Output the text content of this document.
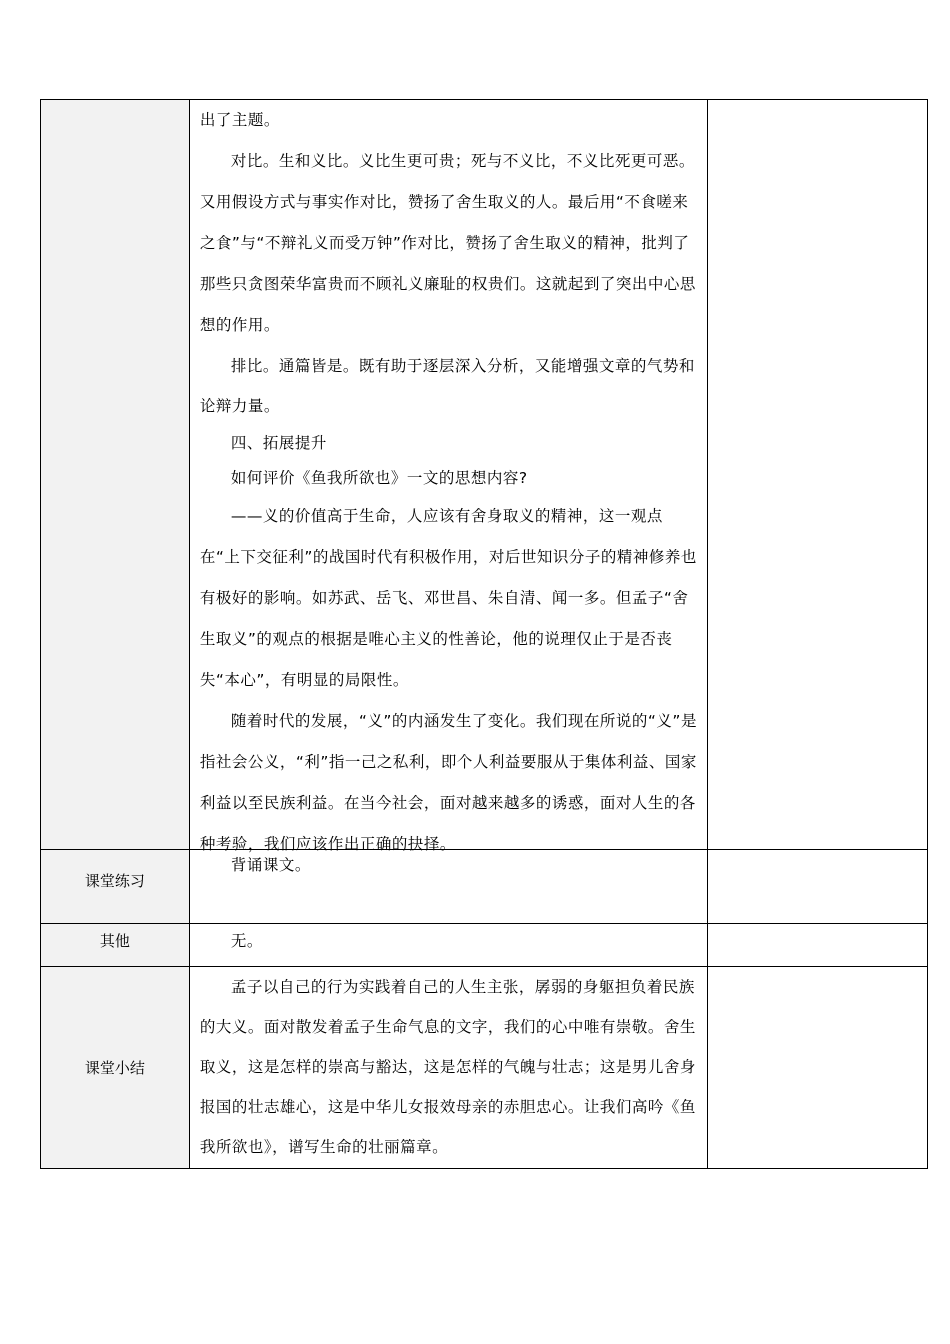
出了主题。

对比。生和义比。义比生更可贵；死与不义比，不义比死更可恶。又用假设方式与事实作对比，赞扬了舍生取义的人。最后用“不食嗟来之食”与“不辩礼义而受万钟”作对比，赞扬了舍生取义的精神，批判了那些只贪图荣华富贵而不顾礼义廉耻的权贵们。这就起到了突出中心思想的作用。

排比。通篇皆是。既有助于逐层深入分析，又能增强文章的气势和论辩力量。

四、拓展提升

如何评价《鱼我所欲也》一文的思想内容?

——义的价值高于生命，人应该有舍身取义的精神，这一观点在“上下交征利”的战国时代有积极作用，对后世知识分子的精神修养也有极好的影响。如苏武、岳飞、邓世昌、朱自清、闻一多。但孟子“舍生取义”的观点的根据是唯心主义的性善论，他的说理仅止于是否丧失“本心”，有明显的局限性。

随着时代的发展，“义”的内涵发生了变化。我们现在所说的“义”是指社会公义，“利”指一己之私利，即个人利益要服从于集体利益、国家利益以至民族利益。在当今社会，面对越来越多的诱惑，面对人生的各种考验，我们应该作出正确的抉择。

课堂练习

背诵课文。

其他	无。

课堂小结

孟子以自己的行为实践着自己的人生主张，孱弱的身躯担负着民族的大义。面对散发着孟子生命气息的文字，我们的心中唯有崇敬。舍生取义，这是怎样的崇高与豁达，这是怎样的气魄与壮志；这是男儿舍身报国的壮志雄心，这是中华儿女报效母亲的赤胆忠心。让我们高吟《鱼我所欲也》，谱写生命的壮丽篇章。
